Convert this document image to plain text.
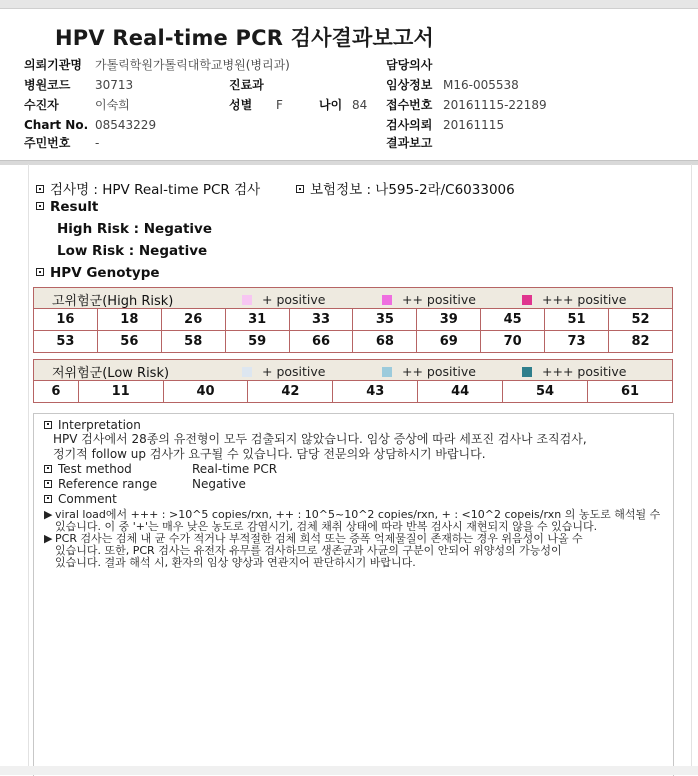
HPV Real-time PCR 검사결과보고서
의뢰기관명 가톨릭학원가톨릭대학교병원(병리과)	담당의사
병원코드 30713	진료과	임상정보 M16-005538
수진자	이숙희	성별 F	나이 84 접수번호 20161115-22189
Chart No. 08543229	검사의뢰 20161115
주민번호 -	결과보고
검사명 : HPV Real-time PCR 검사	보험정보 : 나595-2라/C6033006
Result
High Risk : Negative
Low Risk : Negative
HPV Genotype
고위험군(High Risk) + positive ++ positive +++ positive									

16	18	26	31	33	35	39	45	51	52
53	56	58	59	66	68	69	70	73	82
저위험군(Low Risk)	+ positive	++ positive	+++ positive

6	11	40	42	43	44	54	61
Interpretation
HPV 검사에서 28종의 유전형이 모두 검출되지 않았습니다. 임상 증상에 따라 세포진 검사나 조직검사,
정기적 follow up 검사가 요구될 수 있습니다. 담당 전문의와 상담하시기 바랍니다.
Test method	Real-time PCR
Reference range	Negative
Comment
▶ viral load에서 +++ : >10^5 copies/rxn, ++ : 10^5~10^2 copies/rxn, + : <10^2 copeis/rxn 의 농도로 해석될 수
있습니다. 이 중 '+'는 매우 낮은 농도로 감염시기, 검체 채취 상태에 따라 반복 검사시 재현되지 않을 수 있습니다.
▶ PCR 검사는 검체 내 균 수가 적거나 부적절한 검체 희석 또는 증폭 억제물질이 존재하는 경우 위음성이 나올 수
있습니다. 또한, PCR 검사는 유전자 유무를 검사하므로 생존균과 사균의 구분이 안되어 위양성의 가능성이
있습니다. 결과 해석 시, 환자의 임상 양상과 연관지어 판단하시기 바랍니다.
